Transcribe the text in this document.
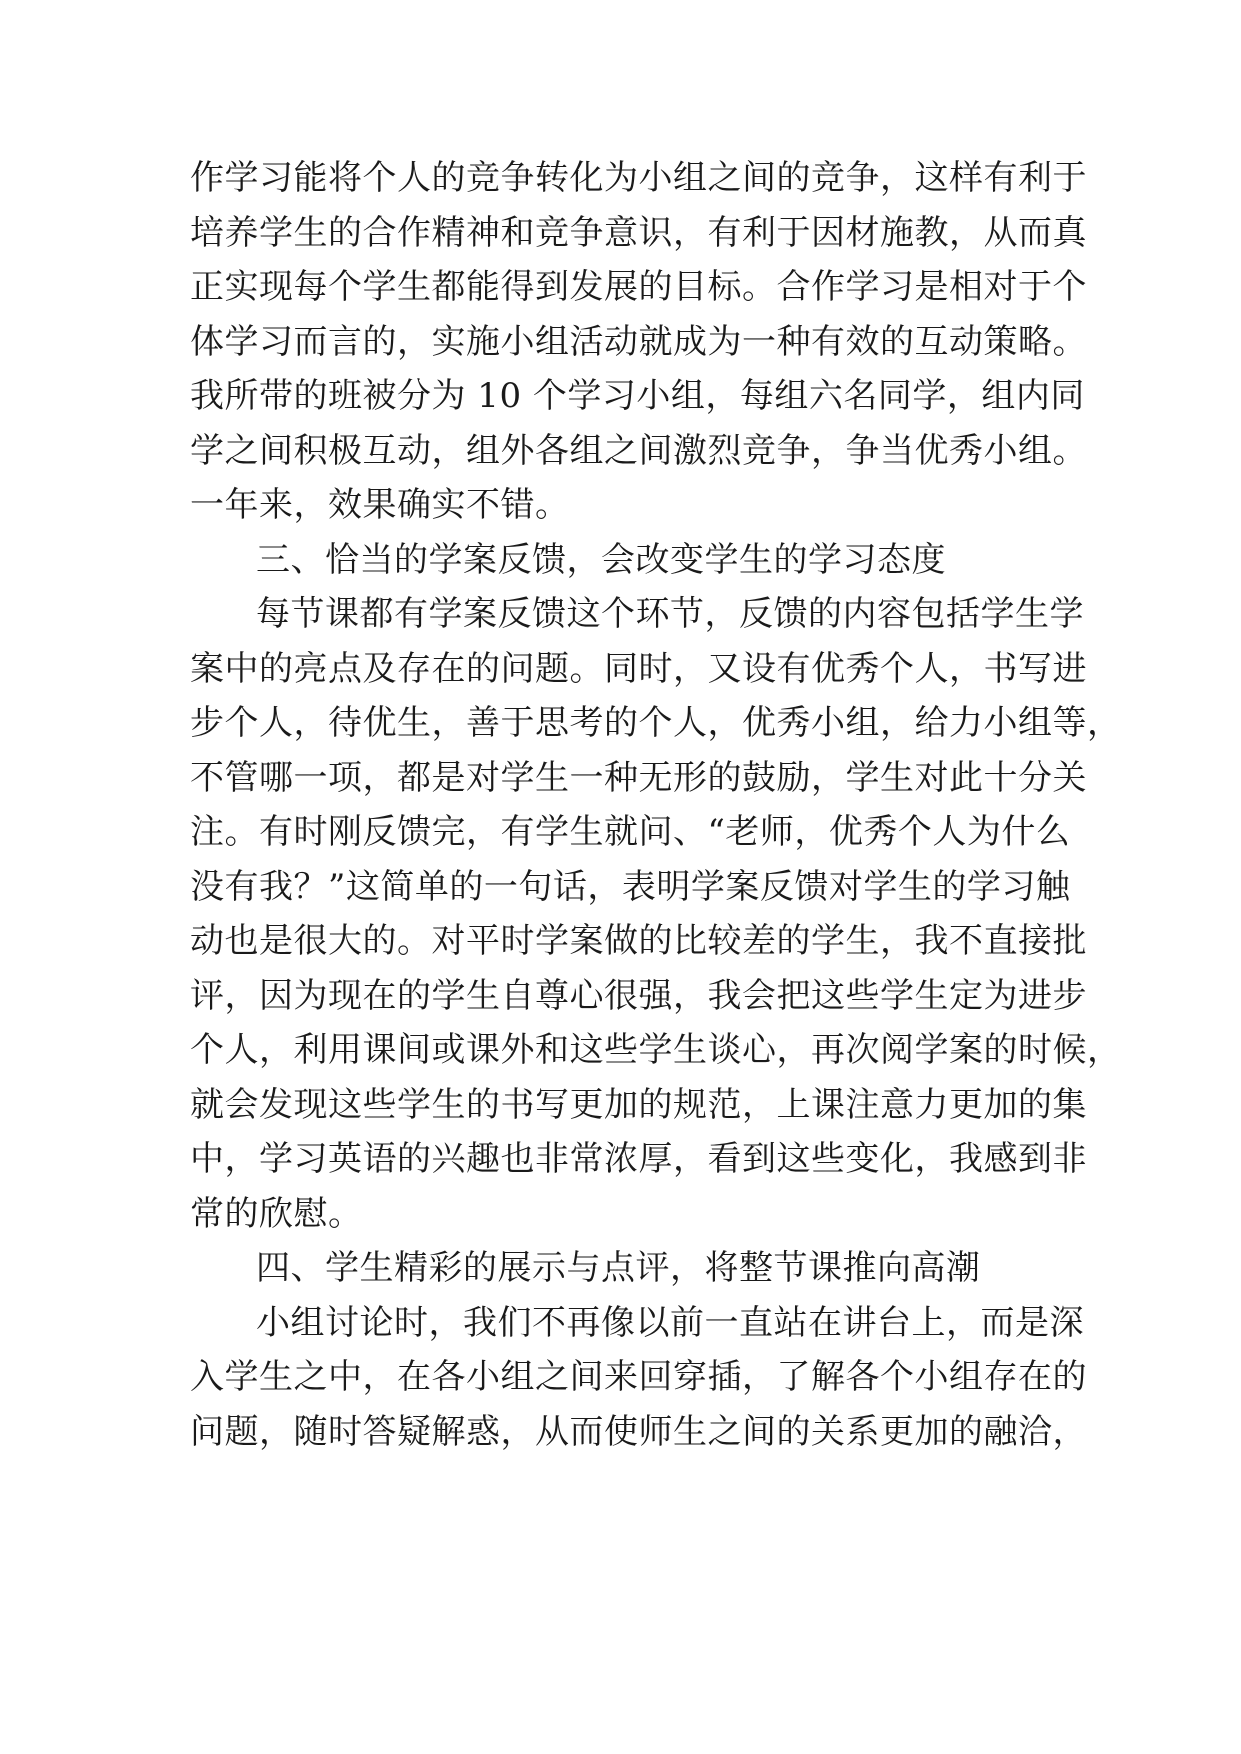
作学习能将个人的竞争转化为小组之间的竞争，这样有利于
培养学生的合作精神和竞争意识，有利于因材施教，从而真
正实现每个学生都能得到发展的目标。合作学习是相对于个
体学习而言的，实施小组活动就成为一种有效的互动策略。
我所带的班被分为 10 个学习小组，每组六名同学，组内同
学之间积极互动，组外各组之间激烈竞争，争当优秀小组。
一年来，效果确实不错。
三、恰当的学案反馈，会改变学生的学习态度
每节课都有学案反馈这个环节，反馈的内容包括学生学
案中的亮点及存在的问题。同时，又设有优秀个人，书写进
步个人，待优生，善于思考的个人，优秀小组，给力小组等，
不管哪一项，都是对学生一种无形的鼓励，学生对此十分关
注。有时刚反馈完，有学生就问、“老师，优秀个人为什么
没有我？”这简单的一句话，表明学案反馈对学生的学习触
动也是很大的。对平时学案做的比较差的学生，我不直接批
评，因为现在的学生自尊心很强，我会把这些学生定为进步
个人，利用课间或课外和这些学生谈心，再次阅学案的时候，
就会发现这些学生的书写更加的规范，上课注意力更加的集
中，学习英语的兴趣也非常浓厚，看到这些变化，我感到非
常的欣慰。
四、学生精彩的展示与点评，将整节课推向高潮
小组讨论时，我们不再像以前一直站在讲台上，而是深
入学生之中，在各小组之间来回穿插，了解各个小组存在的
问题，随时答疑解惑，从而使师生之间的关系更加的融洽，
